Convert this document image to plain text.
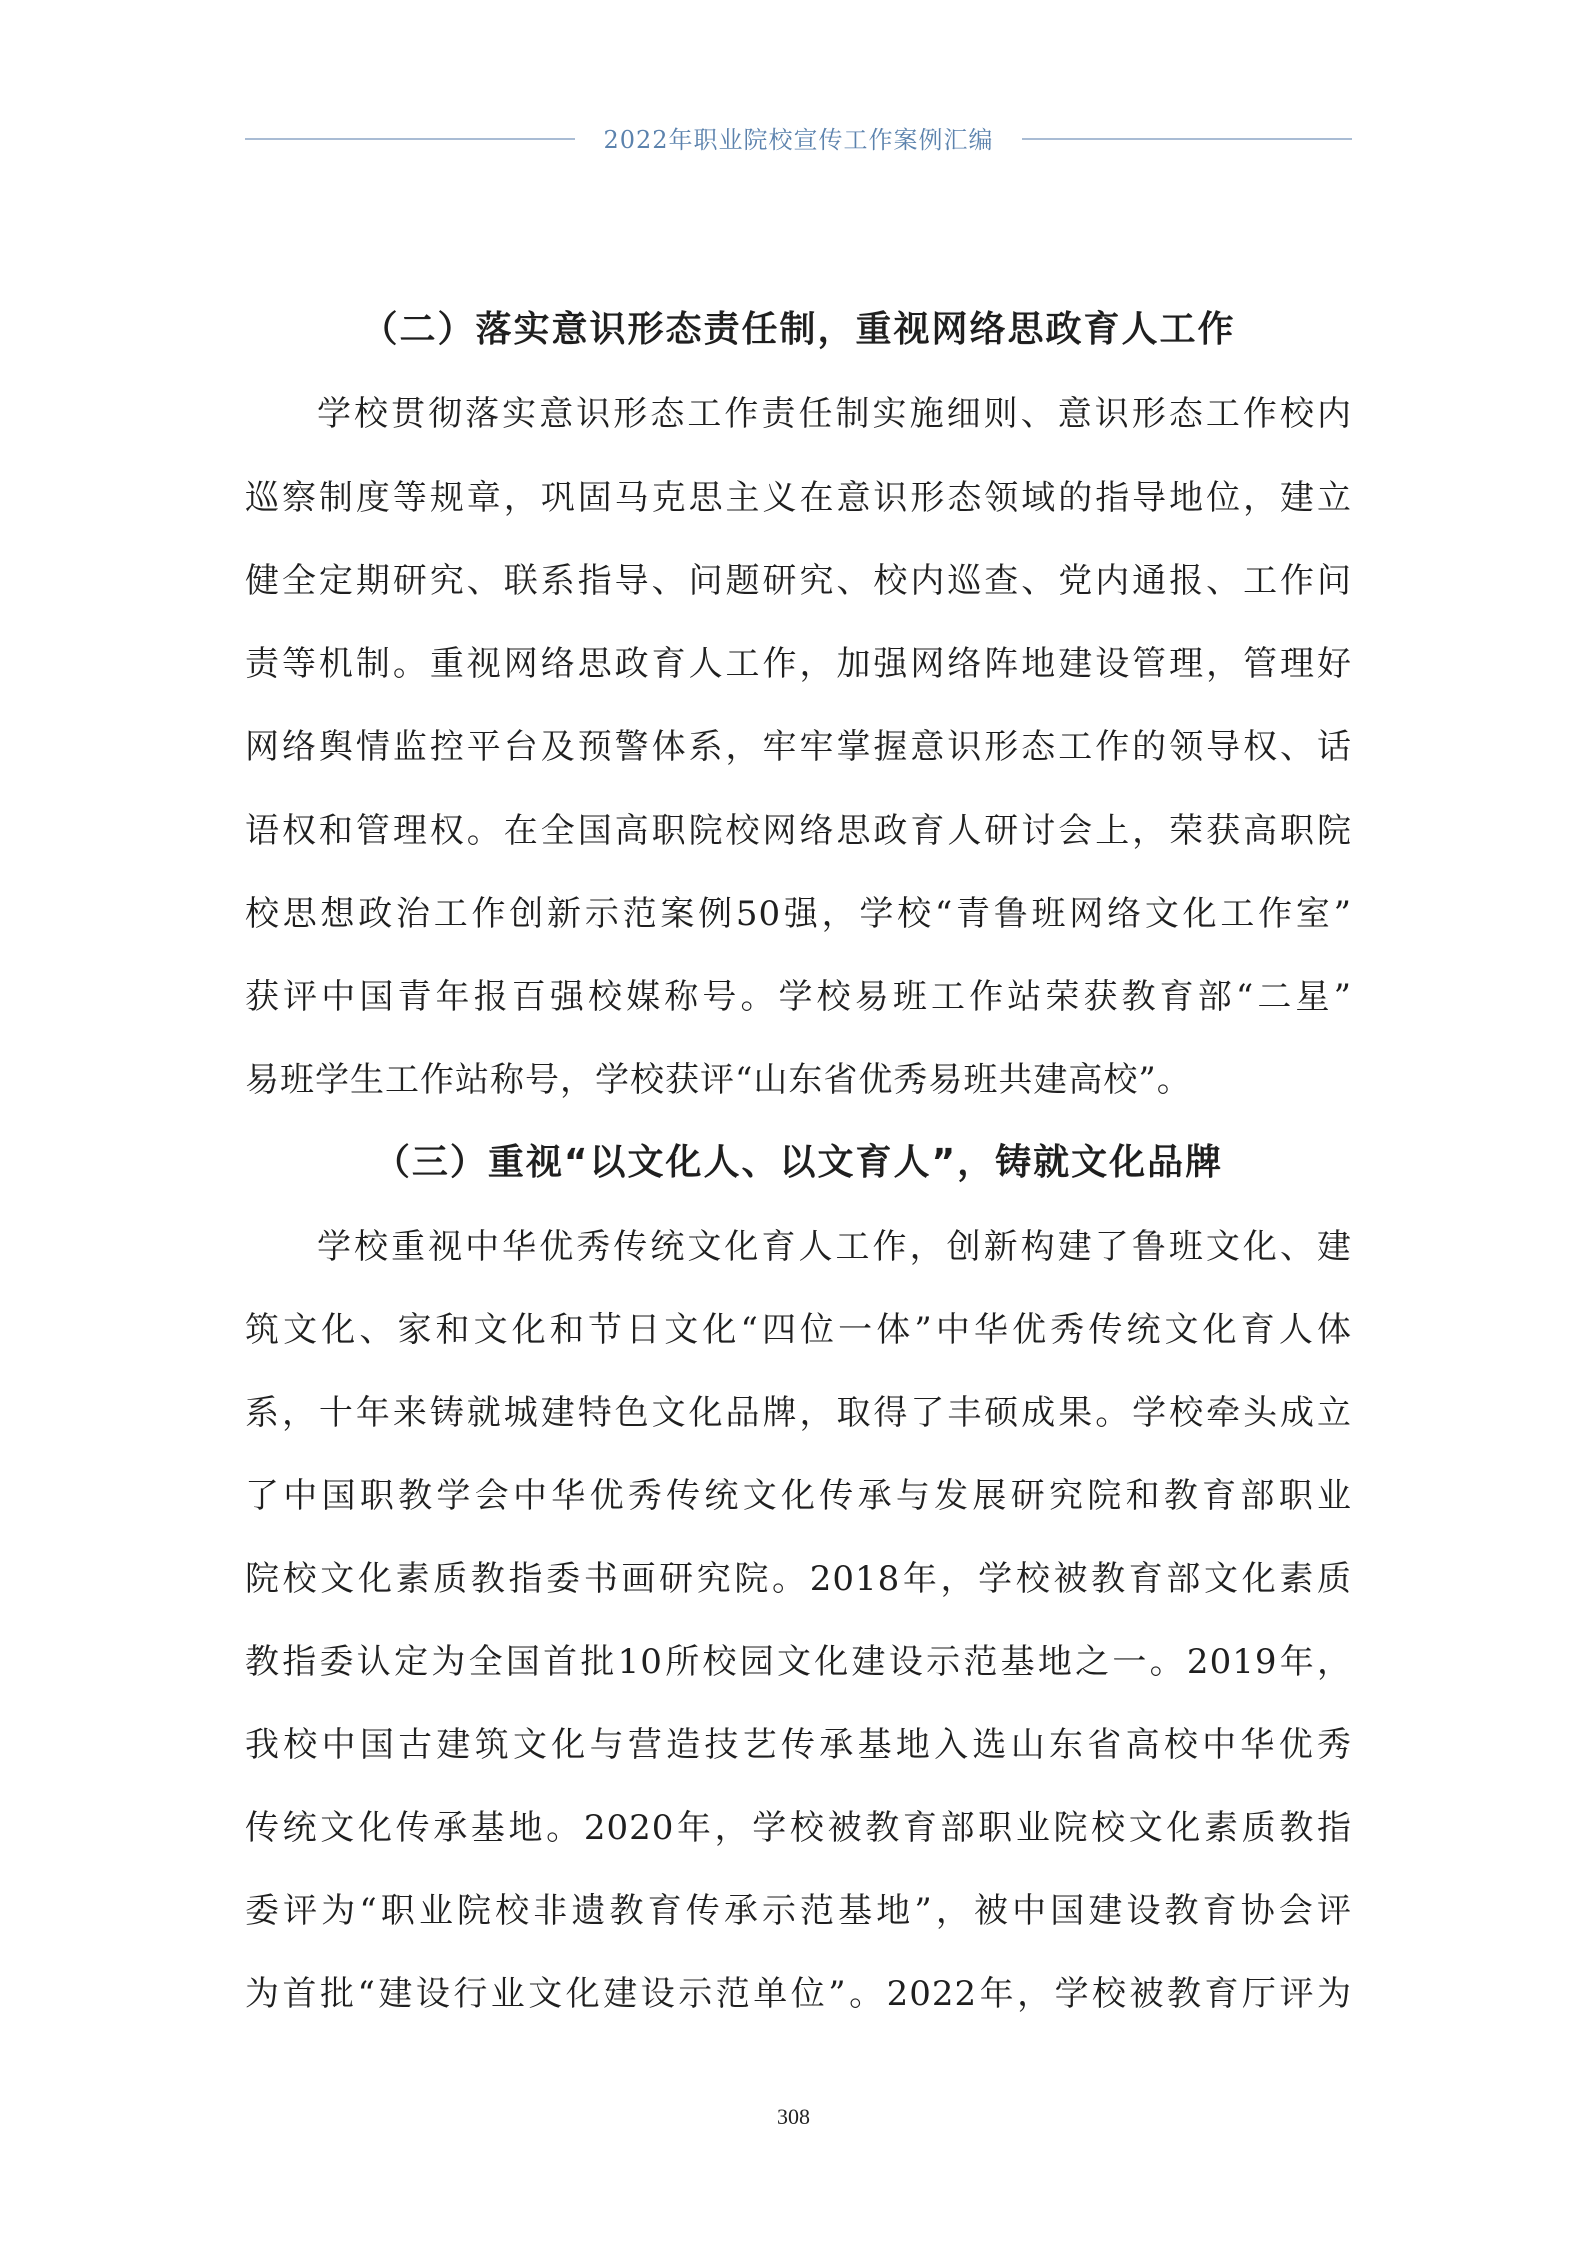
2022年职业院校宣传工作案例汇编
（二）落实意识形态责任制，重视网络思政育人工作
学校贯彻落实意识形态工作责任制实施细则、意识形态工作校内
巡察制度等规章，巩固马克思主义在意识形态领域的指导地位，建立
健全定期研究、联系指导、问题研究、校内巡查、党内通报、工作问
责等机制。重视网络思政育人工作，加强网络阵地建设管理，管理好
网络舆情监控平台及预警体系，牢牢掌握意识形态工作的领导权、话
语权和管理权。在全国高职院校网络思政育人研讨会上，荣获高职院
校思想政治工作创新示范案例50强，学校“青鲁班网络文化工作室”
获评中国青年报百强校媒称号。学校易班工作站荣获教育部“二星”
易班学生工作站称号，学校获评“山东省优秀易班共建高校”。
（三）重视“以文化人、以文育人”，铸就文化品牌
学校重视中华优秀传统文化育人工作，创新构建了鲁班文化、建
筑文化、家和文化和节日文化“四位一体”中华优秀传统文化育人体
系，十年来铸就城建特色文化品牌，取得了丰硕成果。学校牵头成立
了中国职教学会中华优秀传统文化传承与发展研究院和教育部职业
院校文化素质教指委书画研究院。2018年，学校被教育部文化素质
教指委认定为全国首批10所校园文化建设示范基地之一。2019年，
我校中国古建筑文化与营造技艺传承基地入选山东省高校中华优秀
传统文化传承基地。2020年，学校被教育部职业院校文化素质教指
委评为“职业院校非遗教育传承示范基地”，被中国建设教育协会评
为首批“建设行业文化建设示范单位”。2022年，学校被教育厅评为
308
